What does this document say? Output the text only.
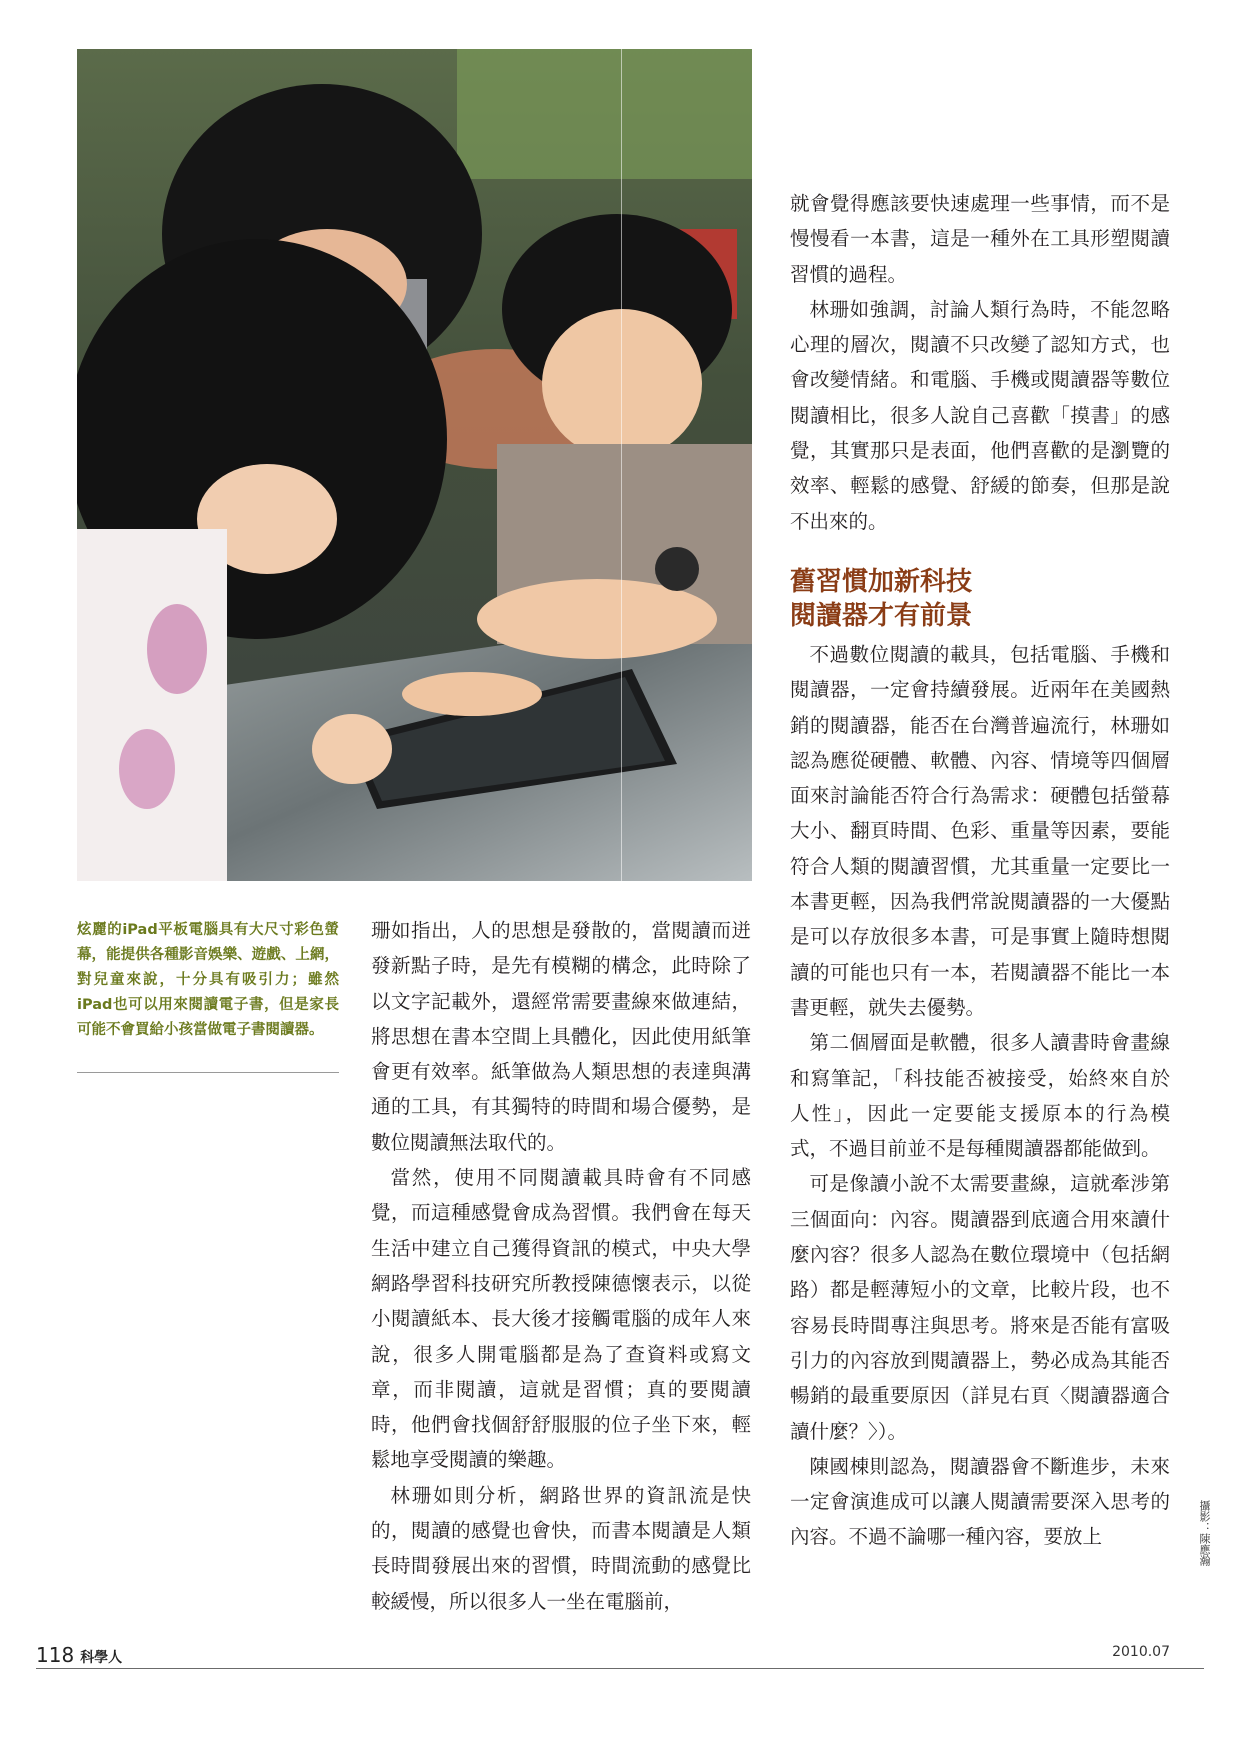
炫麗的iPad平板電腦具有大尺寸彩色螢幕，能提供各種影音娛樂、遊戲、上網，對兒童來說，十分具有吸引力；雖然iPad也可以用來閱讀電子書，但是家長可能不會買給小孩當做電子書閱讀器。

珊如指出，人的思想是發散的，當閱讀而迸發新點子時，是先有模糊的構念，此時除了以文字記載外，還經常需要畫線來做連結，將思想在書本空間上具體化，因此使用紙筆會更有效率。紙筆做為人類思想的表達與溝通的工具，有其獨特的時間和場合優勢，是數位閱讀無法取代的。

當然，使用不同閱讀載具時會有不同感覺，而這種感覺會成為習慣。我們會在每天生活中建立自己獲得資訊的模式，中央大學網路學習科技研究所教授陳德懷表示，以從小閱讀紙本、長大後才接觸電腦的成年人來說，很多人開電腦都是為了查資料或寫文章，而非閱讀，這就是習慣；真的要閱讀時，他們會找個舒舒服服的位子坐下來，輕鬆地享受閱讀的樂趣。

林珊如則分析，網路世界的資訊流是快的，閱讀的感覺也會快，而書本閱讀是人類長時間發展出來的習慣，時間流動的感覺比較緩慢，所以很多人一坐在電腦前，

就會覺得應該要快速處理一些事情，而不是慢慢看一本書，這是一種外在工具形塑閱讀習慣的過程。

林珊如強調，討論人類行為時，不能忽略心理的層次，閱讀不只改變了認知方式，也會改變情緒。和電腦、手機或閱讀器等數位閱讀相比，很多人說自己喜歡「摸書」的感覺，其實那只是表面，他們喜歡的是瀏覽的效率、輕鬆的感覺、舒緩的節奏，但那是說不出來的。

舊習慣加新科技
閱讀器才有前景

不過數位閱讀的載具，包括電腦、手機和閱讀器，一定會持續發展。近兩年在美國熱銷的閱讀器，能否在台灣普遍流行，林珊如認為應從硬體、軟體、內容、情境等四個層面來討論能否符合行為需求：硬體包括螢幕大小、翻頁時間、色彩、重量等因素，要能符合人類的閱讀習慣，尤其重量一定要比一本書更輕，因為我們常說閱讀器的一大優點是可以存放很多本書，可是事實上隨時想閱讀的可能也只有一本，若閱讀器不能比一本書更輕，就失去優勢。

第二個層面是軟體，很多人讀書時會畫線和寫筆記，「科技能否被接受，始終來自於人性」，因此一定要能支援原本的行為模式，不過目前並不是每種閱讀器都能做到。

可是像讀小說不太需要畫線，這就牽涉第三個面向：內容。閱讀器到底適合用來讀什麼內容？很多人認為在數位環境中（包括網路）都是輕薄短小的文章，比較片段，也不容易長時間專注與思考。將來是否能有富吸引力的內容放到閱讀器上，勢必成為其能否暢銷的最重要原因（詳見右頁〈閱讀器適合讀什麼？〉）。

陳國棟則認為，閱讀器會不斷進步，未來一定會演進成可以讓人閱讀需要深入思考的內容。不過不論哪一種內容，要放上	攝影：陳應瀚
118 科學人	2010.07
